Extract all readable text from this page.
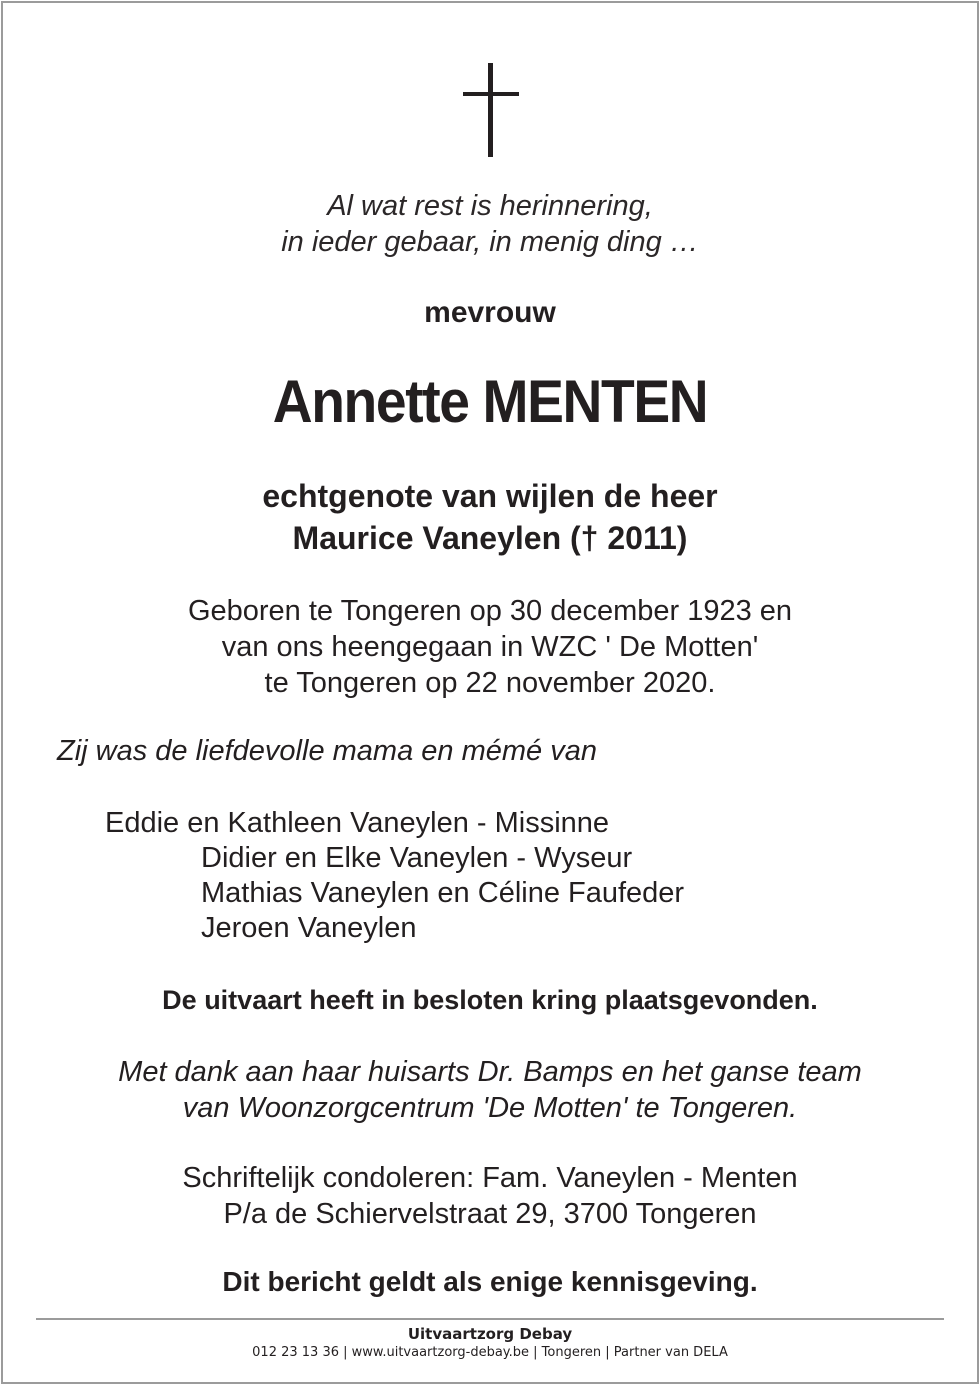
Al wat rest is herinnering,
in ieder gebaar, in menig ding …
mevrouw
Annette MENTEN
echtgenote van wijlen de heer
Maurice Vaneylen († 2011)
Geboren te Tongeren op 30 december 1923 en
van ons heengegaan in WZC ' De Motten'
te Tongeren op 22 november 2020.
Zij was de liefdevolle mama en mémé van
Eddie en Kathleen Vaneylen - Missinne
Didier en Elke Vaneylen - Wyseur
Mathias Vaneylen en Céline Faufeder
Jeroen Vaneylen
De uitvaart heeft in besloten kring plaatsgevonden.
Met dank aan haar huisarts Dr. Bamps en het ganse team
van Woonzorgcentrum 'De Motten' te Tongeren.
Schriftelijk condoleren: Fam. Vaneylen - Menten
P/a de Schiervelstraat 29, 3700 Tongeren
Dit bericht geldt als enige kennisgeving.
Uitvaartzorg Debay
012 23 13 36 | www.uitvaartzorg-debay.be | Tongeren | Partner van DELA
